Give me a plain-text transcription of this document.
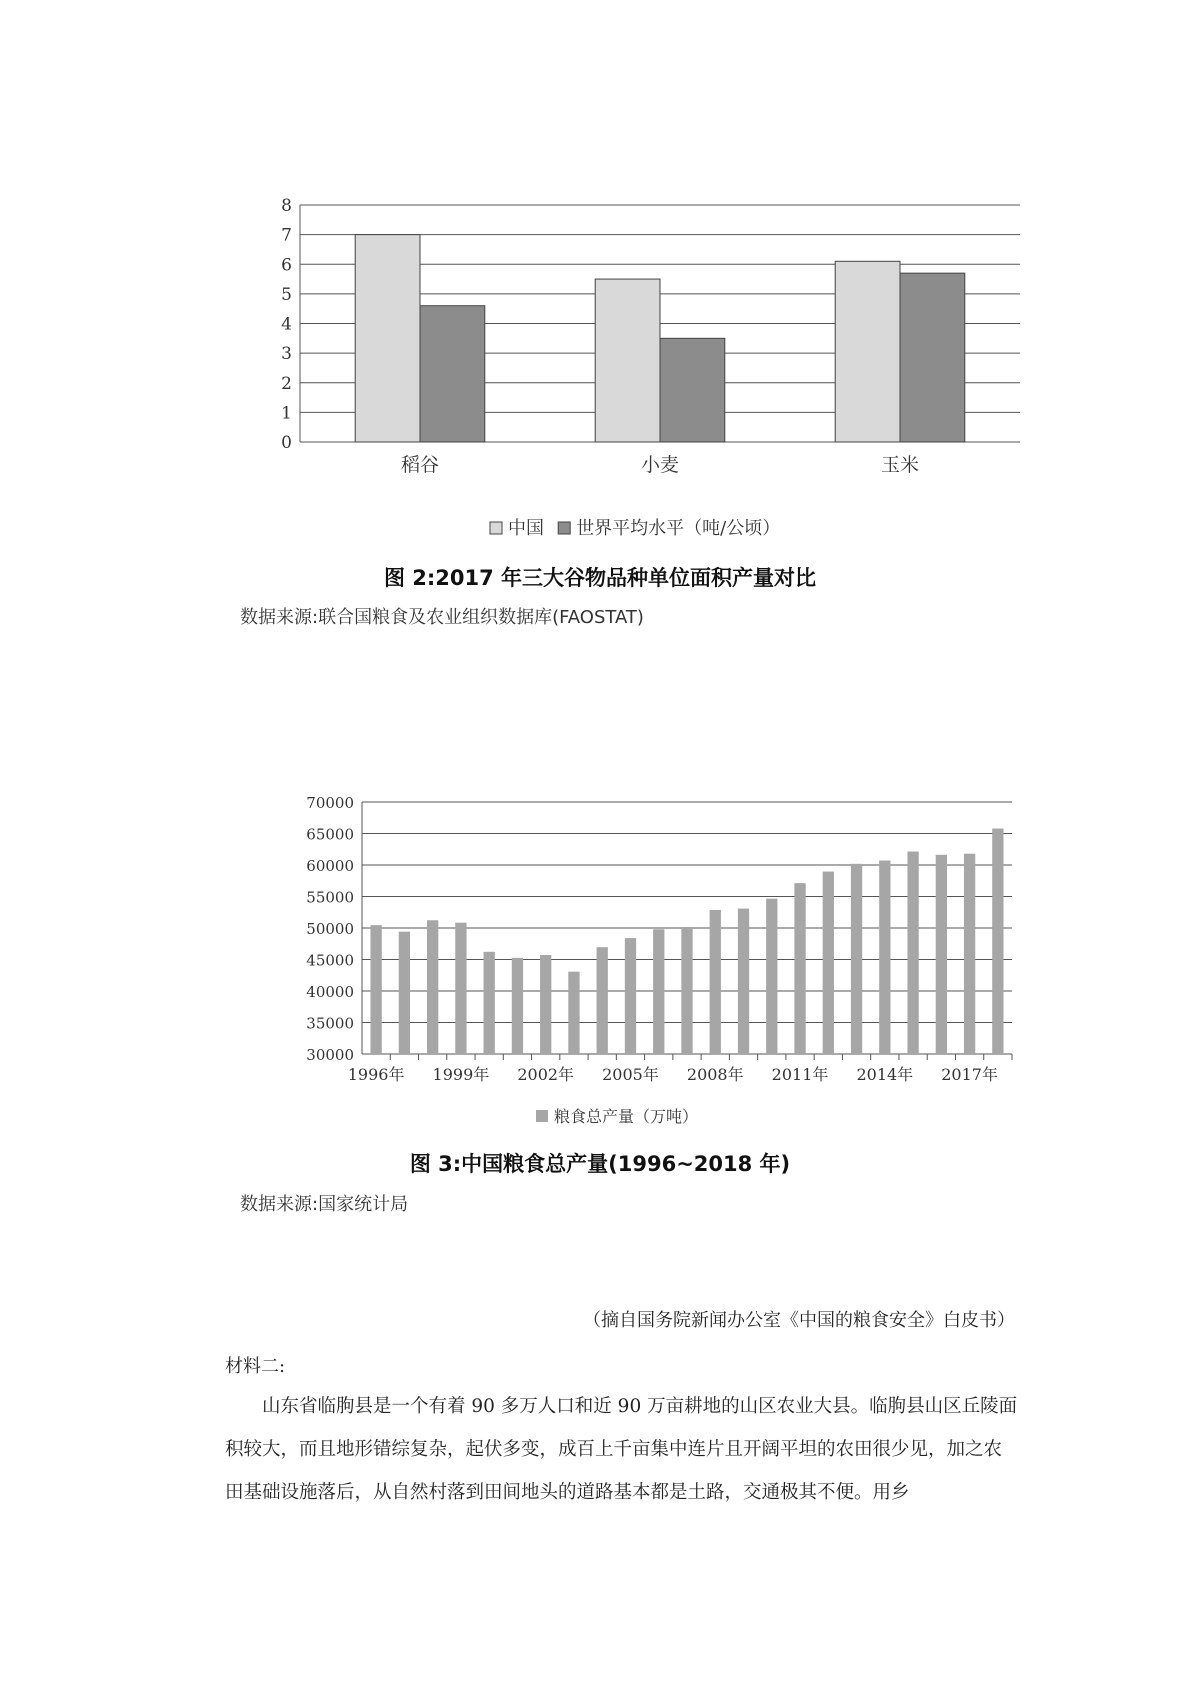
0
1
2
3
4
5
6
7
8
稻谷	小麦	玉米
中国 世界平均水平（吨/公顷）
图 2:2017 年三大谷物品种单位面积产量对比
数据来源:联合国粮食及农业组织数据库(FAOSTAT)
30000
35000
40000
45000
50000
55000
60000
65000
70000
1996年 1999年 2002年 2005年 2008年 2011年 2014年 2017年
粮食总产量（万吨）
图 3:中国粮食总产量(1996~2018 年)
数据来源:国家统计局
（摘自国务院新闻办公室《中国的粮食安全》白皮书）
材料二:
山东省临朐县是一个有着 90 多万人口和近 90 万亩耕地的山区农业大县。临朐县山区丘陵面积较大，而且地形错综复杂，起伏多变，成百上千亩集中连片且开阔平坦的农田很少见，加之农田基础设施落后，从自然村落到田间地头的道路基本都是土路，交通极其不便。用乡
